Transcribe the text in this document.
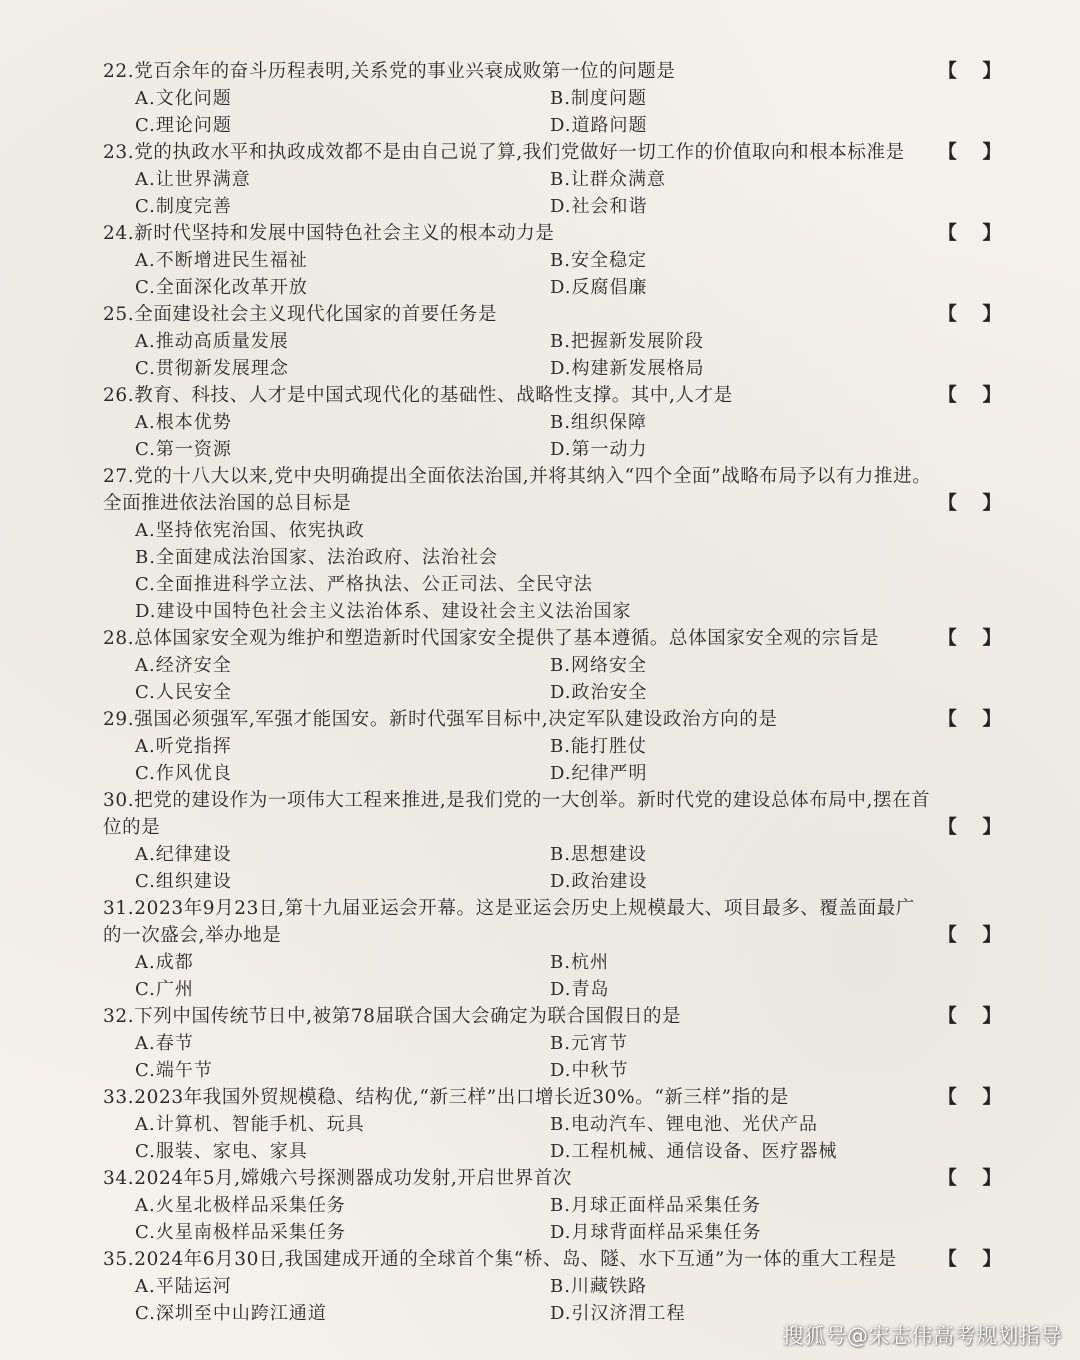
22.党百余年的奋斗历程表明,关系党的事业兴衰成败第一位的问题是	【    】
A.文化问题	B.制度问题
C.理论问题	D.道路问题
23.党的执政水平和执政成效都不是由自己说了算,我们党做好一切工作的价值取向和根本标准是 【    】
A.让世界满意	B.让群众满意
C.制度完善	D.社会和谐
24.新时代坚持和发展中国特色社会主义的根本动力是	【    】
A.不断增进民生福祉	B.安全稳定
C.全面深化改革开放	D.反腐倡廉
25.全面建设社会主义现代化国家的首要任务是	【    】
A.推动高质量发展	B.把握新发展阶段
C.贯彻新发展理念	D.构建新发展格局
26.教育、科技、人才是中国式现代化的基础性、战略性支撑。其中,人才是	【    】
A.根本优势	B.组织保障
C.第一资源	D.第一动力
27.党的十八大以来,党中央明确提出全面依法治国,并将其纳入“四个全面”战略布局予以有力推进。全面推进依法治国的总目标是	【    】
A.坚持依宪治国、依宪执政
B.全面建成法治国家、法治政府、法治社会
C.全面推进科学立法、严格执法、公正司法、全民守法
D.建设中国特色社会主义法治体系、建设社会主义法治国家
28.总体国家安全观为维护和塑造新时代国家安全提供了基本遵循。总体国家安全观的宗旨是	【    】
A.经济安全	B.网络安全
C.人民安全	D.政治安全
29.强国必须强军,军强才能国安。新时代强军目标中,决定军队建设政治方向的是	【    】
A.听党指挥	B.能打胜仗
C.作风优良	D.纪律严明
30.把党的建设作为一项伟大工程来推进,是我们党的一大创举。新时代党的建设总体布局中,摆在首位的是	【    】
A.纪律建设	B.思想建设
C.组织建设	D.政治建设
31.2023年9月23日,第十九届亚运会开幕。这是亚运会历史上规模最大、项目最多、覆盖面最广的一次盛会,举办地是	【    】
A.成都	B.杭州
C.广州	D.青岛
32.下列中国传统节日中,被第78届联合国大会确定为联合国假日的是	【    】
A.春节	B.元宵节
C.端午节	D.中秋节
33.2023年我国外贸规模稳、结构优,“新三样”出口增长近30%。“新三样”指的是	【    】
A.计算机、智能手机、玩具	B.电动汽车、锂电池、光伏产品
C.服装、家电、家具	D.工程机械、通信设备、医疗器械
34.2024年5月,嫦娥六号探测器成功发射,开启世界首次	【    】
A.火星北极样品采集任务	B.月球正面样品采集任务
C.火星南极样品采集任务	D.月球背面样品采集任务
35.2024年6月30日,我国建成开通的全球首个集“桥、岛、隧、水下互通”为一体的重大工程是 【    】
A.平陆运河	B.川藏铁路
C.深圳至中山跨江通道	D.引汉济渭工程
搜狐号@宋志伟高考规划指导
